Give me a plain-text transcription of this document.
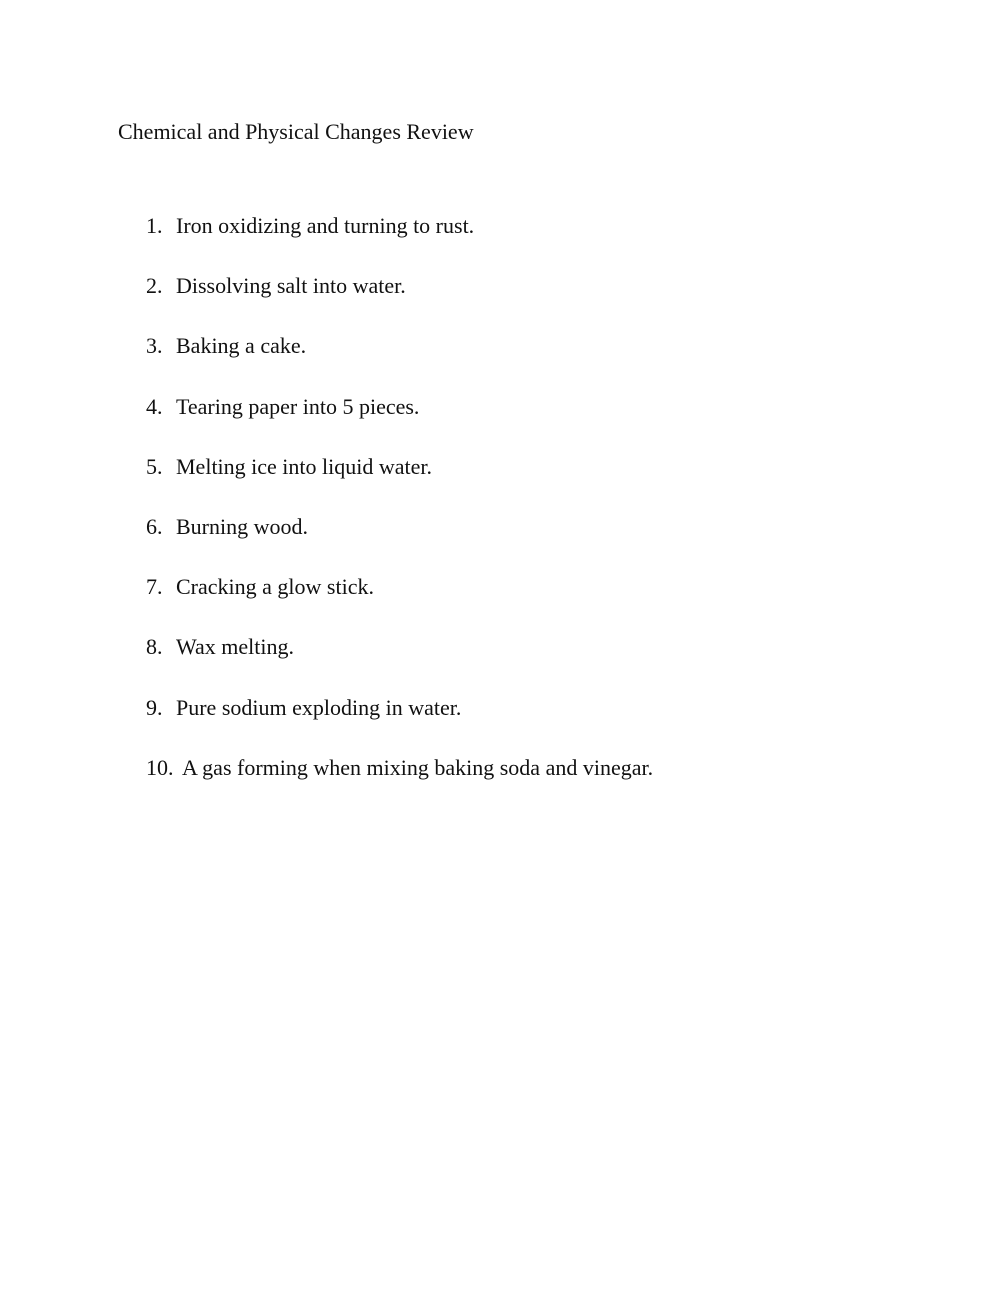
Chemical and Physical Changes Review
1. Iron oxidizing and turning to rust.
2. Dissolving salt into water.
3. Baking a cake.
4. Tearing paper into 5 pieces.
5. Melting ice into liquid water.
6. Burning wood.
7. Cracking a glow stick.
8. Wax melting.
9. Pure sodium exploding in water.
10. A gas forming when mixing baking soda and vinegar.
